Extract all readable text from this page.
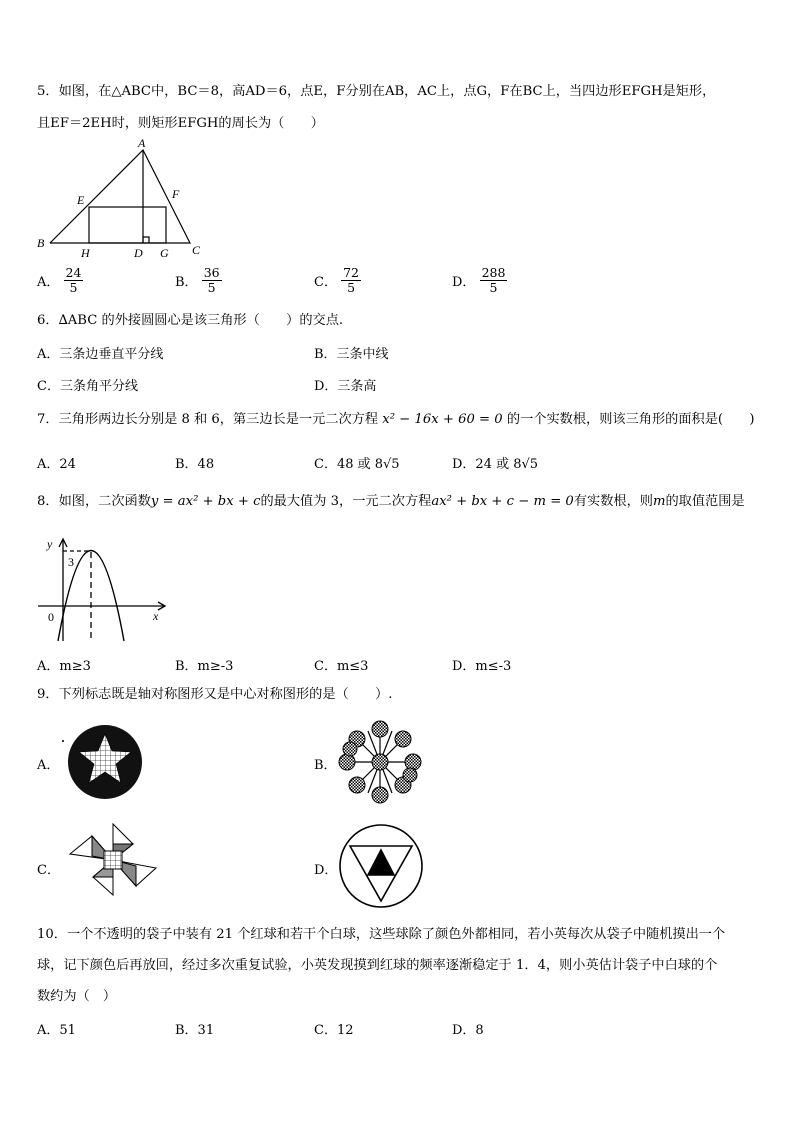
5．如图，在△ABC中，BC＝8，高AD＝6，点E，F分别在AB，AC上，点G，F在BC上，当四边形EFGH是矩形，
且EF＝2EH时，则矩形EFGH的周长为（　　）
A
E	F
B
H	D G C
A． $\frac{24}{5}$	B． $\frac{36}{5}$	C． $\frac{72}{5}$	D． $\frac{288}{5}$
6．∆ABC 的外接圆圆心是该三角形（　　）的交点.
A．三条边垂直平分线	B．三条中线
C．三条角平分线	D．三条高
7．三角形两边长分别是 8 和 6，第三边长是一元二次方程 x² − 16x + 60 = 0 的一个实数根，则该三角形的面积是(　　)
A．24	B．48	C．48 或 8√5	D．24 或 8√5
8．如图，二次函数y = ax² + bx + c的最大值为 3，一元二次方程ax² + bx + c − m = 0有实数根，则m的取值范围是
y
x
0
3
A．m≥3	B．m≥-3	C．m≤3	D．m≤-3
9．下列标志既是轴对称图形又是中心对称图形的是（　　）.
A．	B．
C．	D．
10．一个不透明的袋子中装有 21 个红球和若干个白球，这些球除了颜色外都相同，若小英每次从袋子中随机摸出一个
球，记下颜色后再放回，经过多次重复试验，小英发现摸到红球的频率逐渐稳定于 1．4，则小英估计袋子中白球的个
数约为（　）
A．51	B．31	C．12	D．8
